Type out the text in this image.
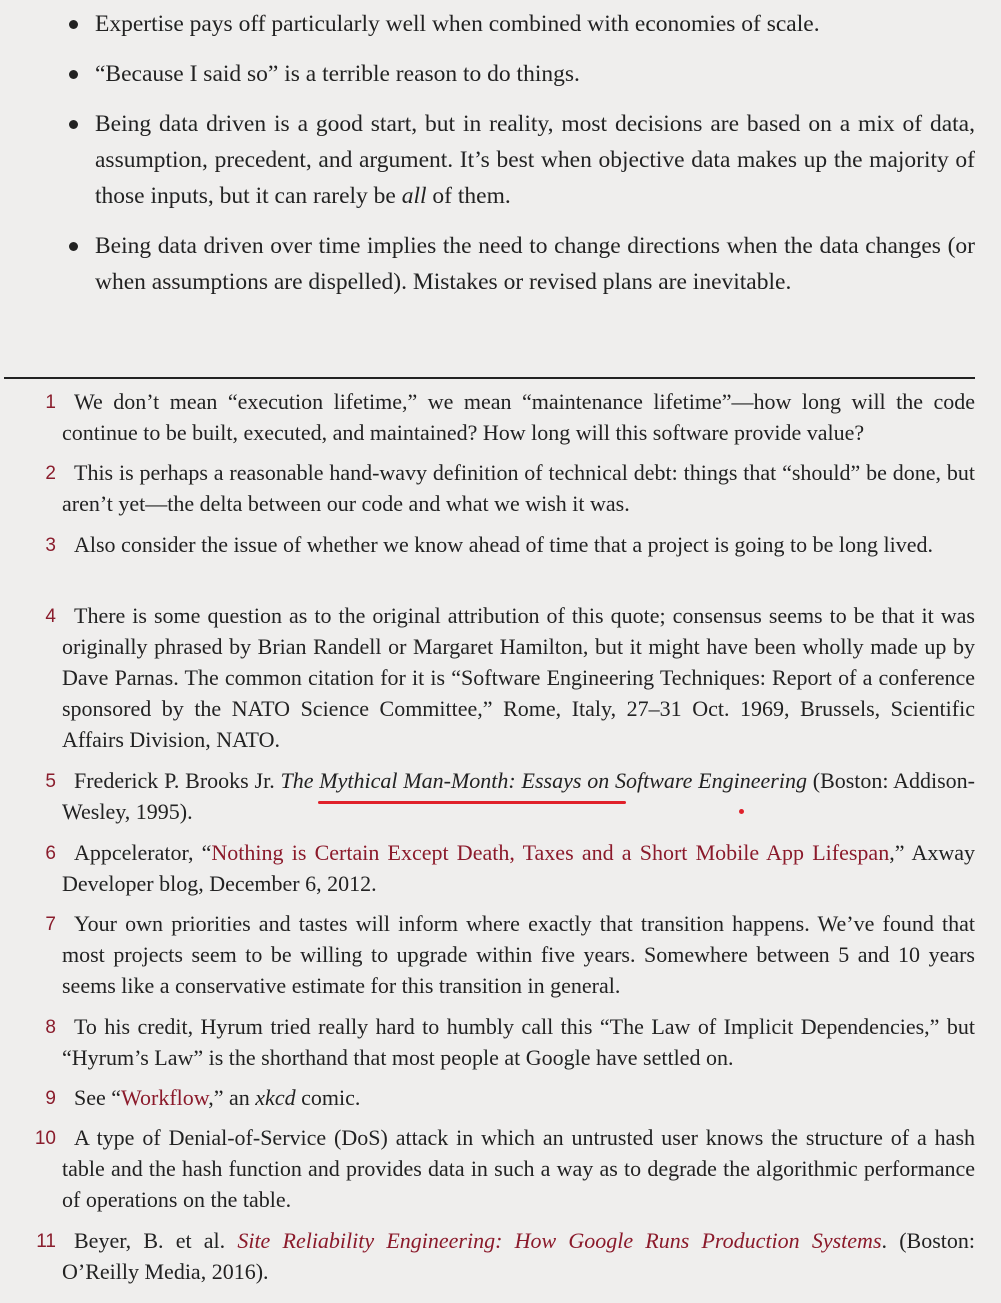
Expertise pays off particularly well when combined with economies of scale.
“Because I said so” is a terrible reason to do things.
Being data driven is a good start, but in reality, most decisions are based on a mix of data, assumption, precedent, and argument. It’s best when objective data makes up the majority of those inputs, but it can rarely be all of them.
Being data driven over time implies the need to change directions when the data changes (or when assumptions are dispelled). Mistakes or revised plans are inevitable.
1 We don’t mean “execution lifetime,” we mean “maintenance lifetime”—how long will the code continue to be built, executed, and maintained? How long will this software provide value?
2 This is perhaps a reasonable hand-wavy definition of technical debt: things that “should” be done, but aren’t yet—the delta between our code and what we wish it was.
3 Also consider the issue of whether we know ahead of time that a project is going to be long lived.
4 There is some question as to the original attribution of this quote; consensus seems to be that it was originally phrased by Brian Randell or Margaret Hamilton, but it might have been wholly made up by Dave Parnas. The common citation for it is “Software Engineering Techniques: Report of a conference sponsored by the NATO Science Committee,” Rome, Italy, 27–31 Oct. 1969, Brussels, Scientific Affairs Division, NATO.
5 Frederick P. Brooks Jr. The Mythical Man-Month: Essays on Software Engineering (Boston: Addison-Wesley, 1995).
6 Appcelerator, “Nothing is Certain Except Death, Taxes and a Short Mobile App Lifespan,” Axway Developer blog, December 6, 2012.
7 Your own priorities and tastes will inform where exactly that transition happens. We’ve found that most projects seem to be willing to upgrade within five years. Somewhere between 5 and 10 years seems like a conservative estimate for this transition in general.
8 To his credit, Hyrum tried really hard to humbly call this “The Law of Implicit Dependencies,” but “Hyrum’s Law” is the shorthand that most people at Google have settled on.
9 See “Workflow,” an xkcd comic.
10 A type of Denial-of-Service (DoS) attack in which an untrusted user knows the structure of a hash table and the hash function and provides data in such a way as to degrade the algorithmic performance of operations on the table.
11 Beyer, B. et al. Site Reliability Engineering: How Google Runs Production Systems. (Boston: O’Reilly Media, 2016).
